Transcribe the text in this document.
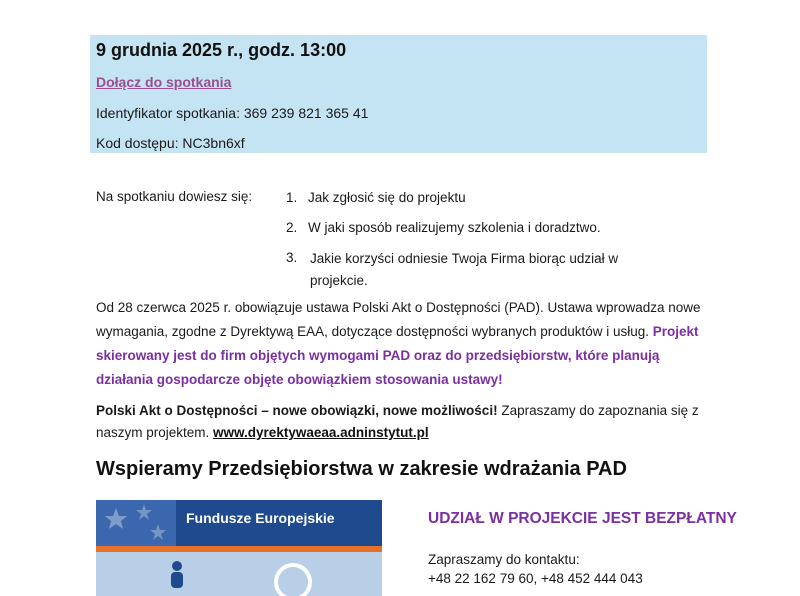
9 grudnia 2025 r., godz. 13:00
Dołącz do spotkania
Identyfikator spotkania: 369 239 821 365 41
Kod dostępu: NC3bn6xf
Na spotkaniu dowiesz się:	1. Jak zgłosić się do projektu
2. W jaki sposób realizujemy szkolenia i doradztwo.
3. Jakie korzyści odniesie Twoja Firma biorąc udział w projekcie.
Od 28 czerwca 2025 r. obowiązuje ustawa Polski Akt o Dostępności (PAD). Ustawa wprowadza nowe wymagania, zgodne z Dyrektywą EAA, dotyczące dostępności wybranych produktów i usług. Projekt skierowany jest do firm objętych wymogami PAD oraz do przedsiębiorstw, które planują działania gospodarcze objęte obowiązkiem stosowania ustawy!
Polski Akt o Dostępności – nowe obowiązki, nowe możliwości! Zapraszamy do zapoznania się z naszym projektem. www.dyrektywaeaa.adninstytut.pl
Wspieramy Przedsiębiorstwa w zakresie wdrażania PAD
Fundusze Europejskie	UDZIAŁ W PROJEKCIE JEST BEZPŁATNY
Zapraszamy do kontaktu:
+48 22 162 79 60, +48 452 444 043
